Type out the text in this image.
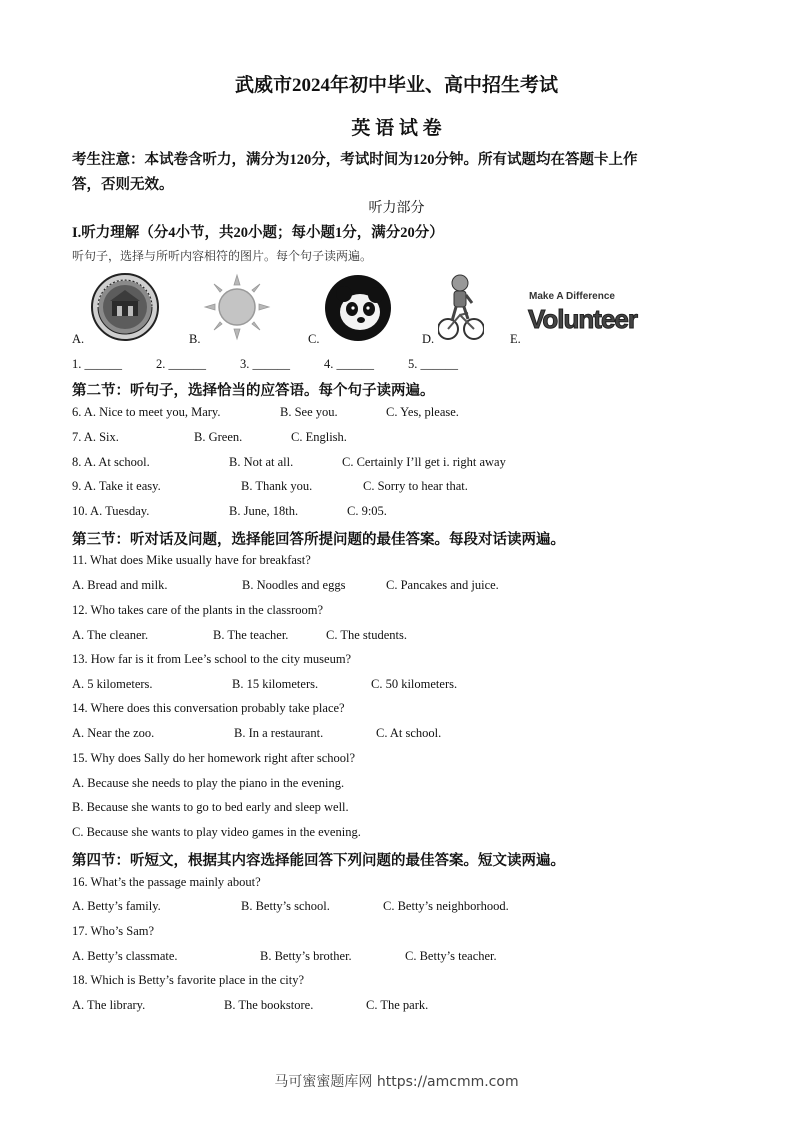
武威市2024年初中毕业、高中招生考试
英 语 试 卷
考生注意：本试卷含听力，满分为120分，考试时间为120分钟。所有试题均在答题卡上作
答，否则无效。
听力部分
I.听力理解（分4小节，共20小题；每小题1分，满分20分）
听句子，选择与所听内容相符的图片。每个句子读两遍。
A.	B.	C.	D.
Make A Difference
Volunteer
E.
1. ______	2. ______	3. ______	4. ______	5. ______
第二节：听句子，选择恰当的应答语。每个句子读两遍。
6. A. Nice to meet you, Mary.	B. See you.	C. Yes, please.
7. A. Six.	B. Green.	C. English.
8. A. At school.	B. Not at all.	C. Certainly I’ll get i. right away
9. A. Take it easy.	B. Thank you.	C. Sorry to hear that.
10. A. Tuesday.	B. June, 18th.	C. 9:05.
第三节：听对话及问题，选择能回答所提问题的最佳答案。每段对话读两遍。
11. What does Mike usually have for breakfast?
A. Bread and milk.	B. Noodles and eggs	C. Pancakes and juice.
12. Who takes care of the plants in the classroom?
A. The cleaner.	B. The teacher.	C. The students.
13. How far is it from Lee’s school to the city museum?
A. 5 kilometers.	B. 15 kilometers.	C. 50 kilometers.
14. Where does this conversation probably take place?
A. Near the zoo.	B. In a restaurant.	C. At school.
15. Why does Sally do her homework right after school?
A. Because she needs to play the piano in the evening.
B. Because she wants to go to bed early and sleep well.
C. Because she wants to play video games in the evening.
第四节：听短文，根据其内容选择能回答下列问题的最佳答案。短文读两遍。
16. What’s the passage mainly about?
A. Betty’s family.	B. Betty’s school.	C. Betty’s neighborhood.
17. Who’s Sam?
A. Betty’s classmate.	B. Betty’s brother.	C. Betty’s teacher.
18. Which is Betty’s favorite place in the city?
A. The library.	B. The bookstore.	C. The park.
马可蜜蜜题库网 https://amcmm.com
